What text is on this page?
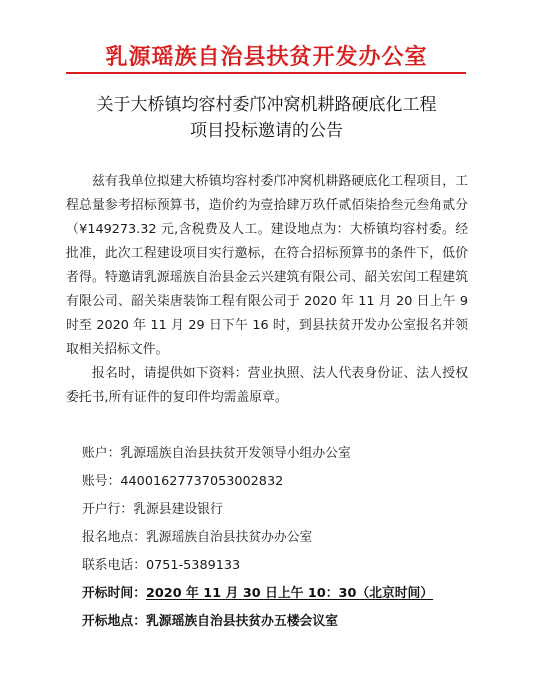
乳源瑶族自治县扶贫开发办公室
关于大桥镇均容村委邝冲窝机耕路硬底化工程
项目投标邀请的公告

兹有我单位拟建大桥镇均容村委邝冲窝机耕路硬底化工程项目，工程总量参考招标预算书，造价约为壹拾肆万玖仟贰佰柒拾叁元叁角贰分（¥149273.32 元,含税费及人工。建设地点为：大桥镇均容村委。经批准，此次工程建设项目实行邀标，在符合招标预算书的条件下，低价者得。特邀请乳源瑶族自治县金云兴建筑有限公司、韶关宏闰工程建筑有限公司、韶关柒唐装饰工程有限公司于 2020 年 11 月 20 日上午 9 时至 2020 年 11 月 29 日下午 16 时，到县扶贫开发办公室报名并领取相关招标文件。

报名时，请提供如下资料：营业执照、法人代表身份证、法人授权委托书,所有证件的复印件均需盖原章。

账户：乳源瑶族自治县扶贫开发领导小组办公室
账号：44001627737053002832
开户行：乳源县建设银行
报名地点：乳源瑶族自治县扶贫办办公室
联系电话：0751-5389133
开标时间：2020 年 11 月 30 日上午 10：30（北京时间）
开标地点：乳源瑶族自治县扶贫办五楼会议室
